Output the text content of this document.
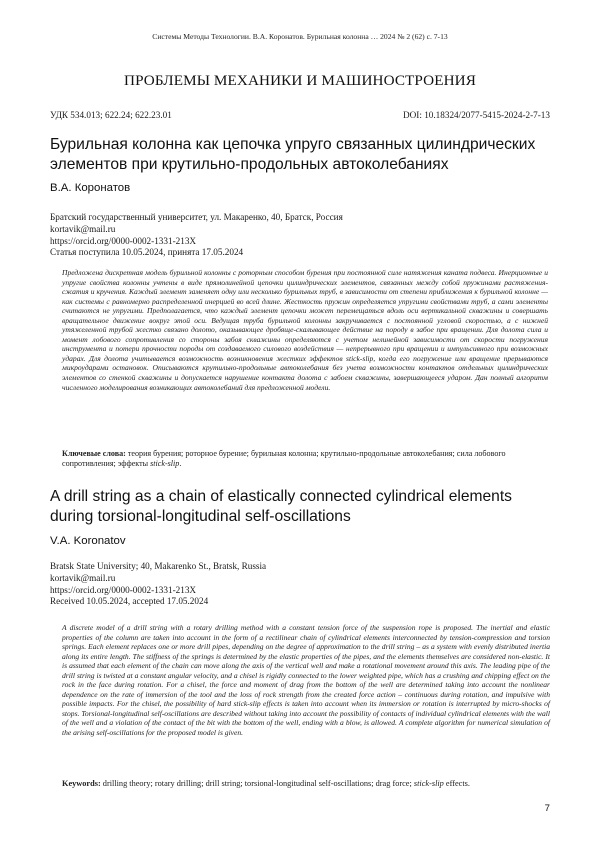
Системы Методы Технологии. В.А. Коронатов. Бурильная колонна … 2024 № 2 (62) с. 7-13
ПРОБЛЕМЫ МЕХАНИКИ И МАШИНОСТРОЕНИЯ
УДК 534.013; 622.24; 622.23.01	DOI: 10.18324/2077-5415-2024-2-7-13
Бурильная колонна как цепочка упруго связанных цилиндрических
элементов при крутильно-продольных автоколебаниях
В.А. Коронатов
Братский государственный университет, ул. Макаренко, 40, Братск, Россия
kortavik@mail.ru
https://orcid.org/0000-0002-1331-213X
Статья поступила 10.05.2024, принята 17.05.2024
Предложена дискретная модель бурильной колонны с роторным способом бурения при постоянной силе натяжения каната подвеса. Инерционные и упругие свойства колонны учтены в виде прямолинейной цепочки цилиндрических элементов, связанных между собой пружинами растяжения-сжатия и кручения. Каждый элемент заменяет одну или несколько бурильных труб, в зависимости от степени приближения к бурильной колонне — как системы с равномерно распределенной инерцией во всей длине. Жесткость пружин определяется упругими свойствами труб, а сами элементы считаются не упругими. Предполагается, что каждый элемент цепочки может перемещаться вдоль оси вертикальной скважины и совершать вращательное движение вокруг этой оси. Ведущая труба бурильной колонны закручивается с постоянной угловой скоростью, а с нижней утяжеленной трубой жестко связано долото, оказывающее дробяще-скалывающее действие на породу в забое при вращении. Для долота сила и момент лобового сопротивления со стороны забоя скважины определяются с учетом нелинейной зависимости от скорости погружения инструмента и потери прочности породы от создаваемого силового воздействия — непрерывного при вращении и импульсивного при возможных ударах. Для долота учитывается возможность возникновения жестких эффектов stick-slip, когда его погружение или вращение прерываются микроударами остановок. Описываются крутильно-продольные автоколебания без учета возможности контактов отдельных цилиндрических элементов со стенкой скважины и допускается нарушение контакта долота с забоем скважины, завершающееся ударом. Дан полный алгоритм численного моделирования возникающих автоколебаний для предложенной модели.
Ключевые слова: теория бурения; роторное бурение; бурильная колонна; крутильно-продольные автоколебания; сила лобового сопротивления; эффекты stick-slip.
A drill string as a chain of elastically connected cylindrical elements
during torsional-longitudinal self-oscillations
V.A. Koronatov
Bratsk State University; 40, Makarenko St., Bratsk, Russia
kortavik@mail.ru
https://orcid.org/0000-0002-1331-213X
Received 10.05.2024, accepted 17.05.2024
A discrete model of a drill string with a rotary drilling method with a constant tension force of the suspension rope is proposed. The inertial and elastic properties of the column are taken into account in the form of a rectilinear chain of cylindrical elements interconnected by tension-compression and torsion springs. Each element replaces one or more drill pipes, depending on the degree of approximation to the drill string – as a system with evenly distributed inertia along its entire length. The stiffness of the springs is determined by the elastic properties of the pipes, and the elements themselves are considered non-elastic. It is assumed that each element of the chain can move along the axis of the vertical well and make a rotational movement around this axis. The leading pipe of the drill string is twisted at a constant angular velocity, and a chisel is rigidly connected to the lower weighted pipe, which has a crushing and chipping effect on the rock in the face during rotation. For a chisel, the force and moment of drag from the bottom of the well are determined taking into account the nonlinear dependence on the rate of immersion of the tool and the loss of rock strength from the created force action – continuous during rotation, and impulsive with possible impacts. For the chisel, the possibility of hard stick-slip effects is taken into account when its immersion or rotation is interrupted by micro-shocks of stops. Torsional-longitudinal self-oscillations are described without taking into account the possibility of contacts of individual cylindrical elements with the wall of the well and a violation of the contact of the bit with the bottom of the well, ending with a blow, is allowed. A complete algorithm for numerical simulation of the arising self-oscillations for the proposed model is given.
Keywords: drilling theory; rotary drilling; drill string; torsional-longitudinal self-oscillations; drag force; stick-slip effects.
7
